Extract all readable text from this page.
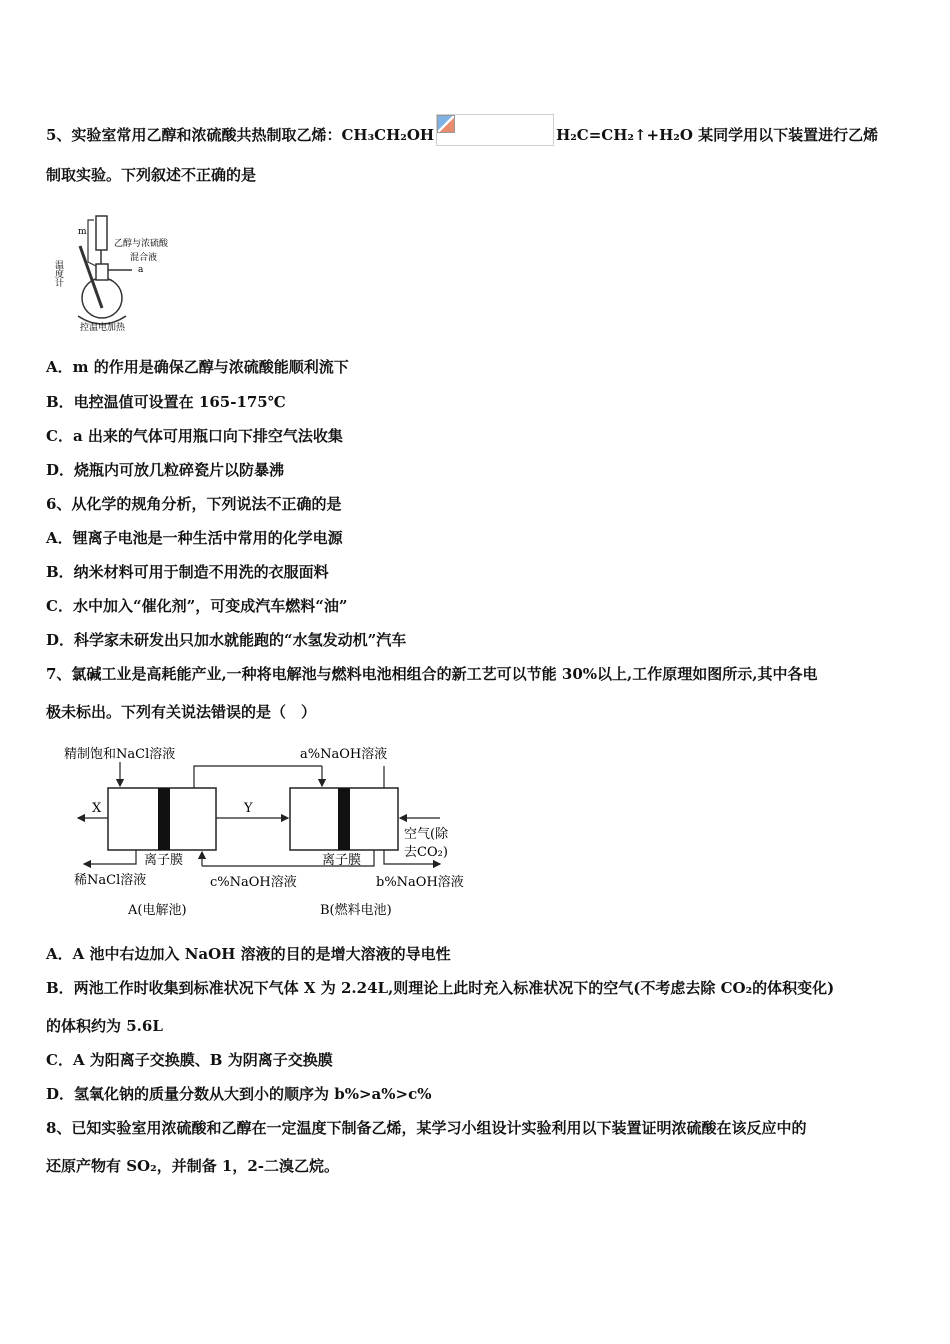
5、实验室常用乙醇和浓硫酸共热制取乙烯：CH₃CH₂OH	H₂C=CH₂↑+H₂O 某同学用以下装置进行乙烯
制取实验。下列叙述不正确的是
m
乙醇与浓硫酸
混合液
a
温度计
控温电加热
A．m 的作用是确保乙醇与浓硫酸能顺利流下
B．电控温值可设置在 165-175℃
C．a 出来的气体可用瓶口向下排空气法收集
D．烧瓶内可放几粒碎瓷片以防暴沸
6、从化学的规角分析，下列说法不正确的是
A．锂离子电池是一种生活中常用的化学电源
B．纳米材料可用于制造不用洗的衣服面料
C．水中加入“催化剂”，可变成汽车燃料“油”
D．科学家未研发出只加水就能跑的“水氢发动机”汽车
7、氯碱工业是高耗能产业,一种将电解池与燃料电池相组合的新工艺可以节能 30%以上,工作原理如图所示,其中各电
极未标出。下列有关说法错误的是（　）
精制饱和NaCl溶液	a%NaOH溶液
X	Y
空气(除
去CO₂)
离子膜	离子膜
稀NaCl溶液	c%NaOH溶液	b%NaOH溶液
A(电解池)	B(燃料电池)
A．A 池中右边加入 NaOH 溶液的目的是增大溶液的导电性
B．两池工作时收集到标准状况下气体 X 为 2.24L,则理论上此时充入标准状况下的空气(不考虑去除 CO₂的体积变化)
的体积约为 5.6L
C．A 为阳离子交换膜、B 为阴离子交换膜
D．氢氧化钠的质量分数从大到小的顺序为 b%>a%>c%
8、已知实验室用浓硫酸和乙醇在一定温度下制备乙烯，某学习小组设计实验利用以下装置证明浓硫酸在该反应中的
还原产物有 SO₂，并制备 1，2-二溴乙烷。
